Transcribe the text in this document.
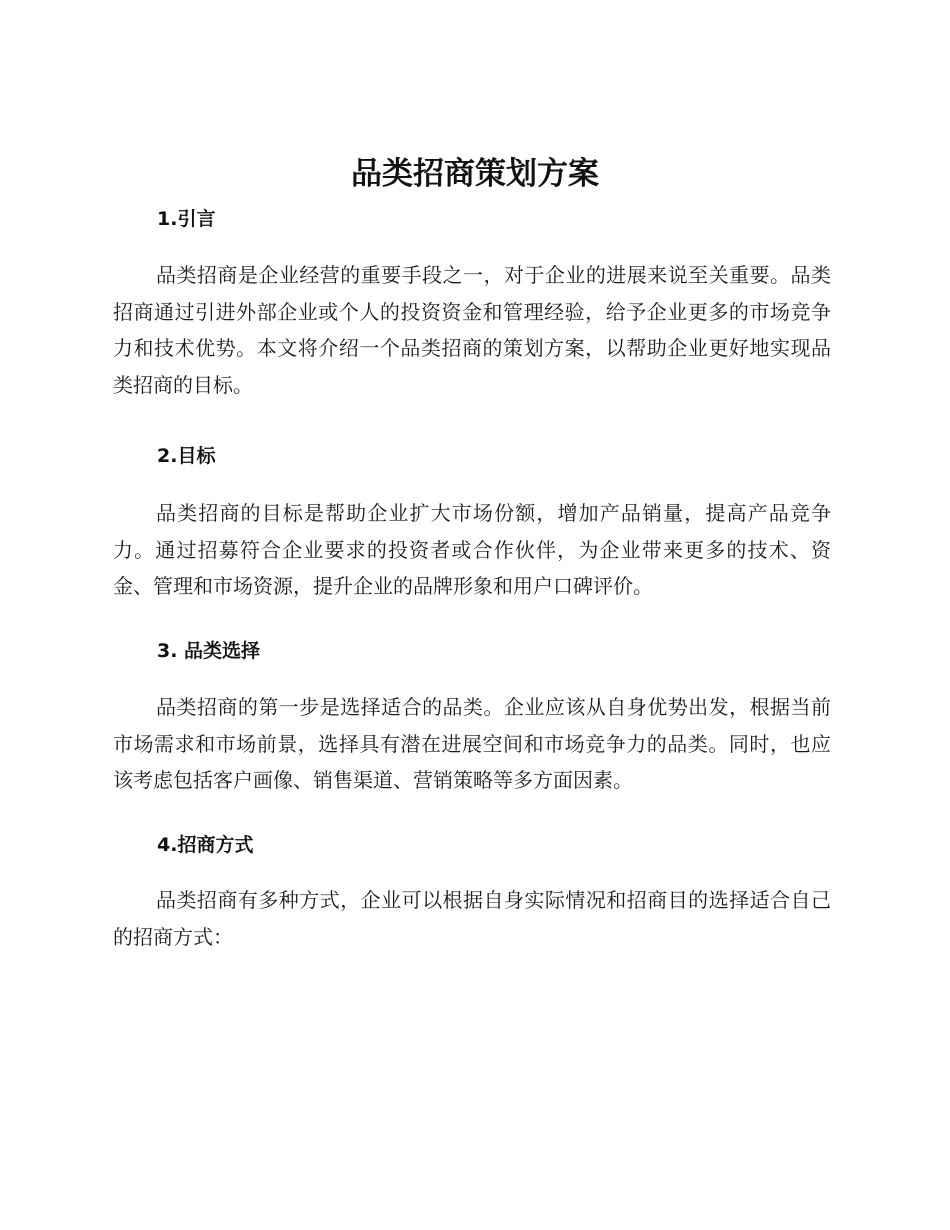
品类招商策划方案
1.引言

品类招商是企业经营的重要手段之一，对于企业的进展来说至关重要。品类招商通过引进外部企业或个人的投资资金和管理经验，给予企业更多的市场竞争力和技术优势。本文将介绍一个品类招商的策划方案，以帮助企业更好地实现品类招商的目标。

2.目标

品类招商的目标是帮助企业扩大市场份额，增加产品销量，提高产品竞争力。通过招募符合企业要求的投资者或合作伙伴，为企业带来更多的技术、资金、管理和市场资源，提升企业的品牌形象和用户口碑评价。

3. 品类选择

品类招商的第一步是选择适合的品类。企业应该从自身优势出发，根据当前市场需求和市场前景，选择具有潜在进展空间和市场竞争力的品类。同时，也应该考虑包括客户画像、销售渠道、营销策略等多方面因素。

4.招商方式

品类招商有多种方式，企业可以根据自身实际情况和招商目的选择适合自己的招商方式：
